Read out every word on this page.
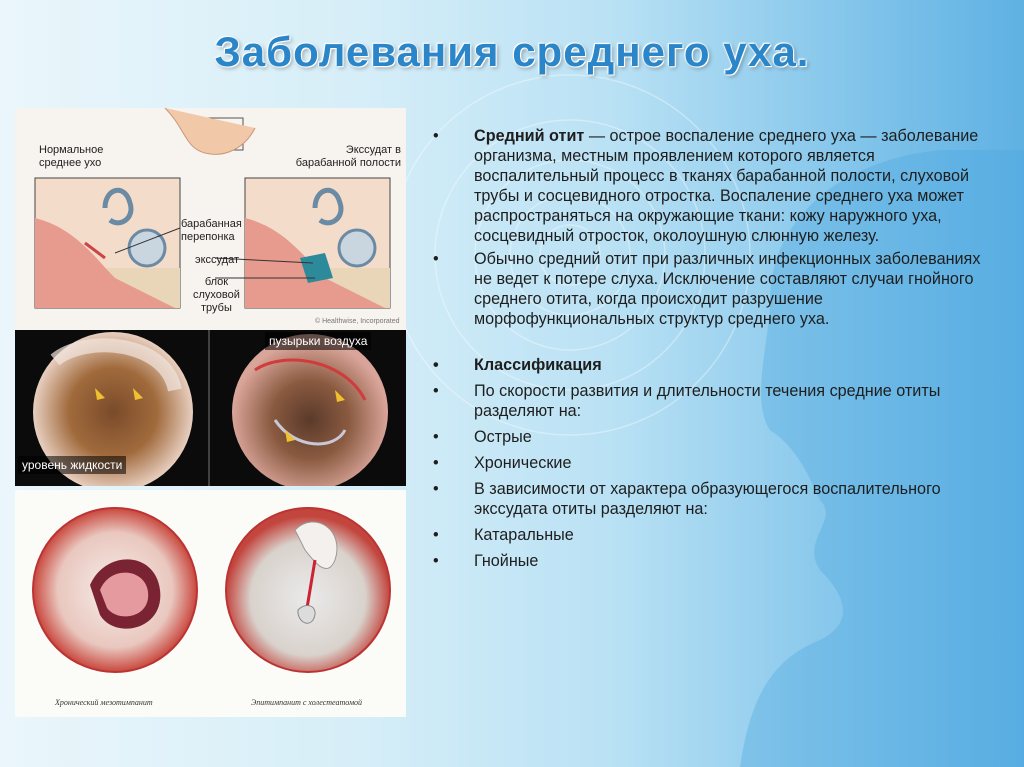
Заболевания среднего уха.
Нормальное
среднее ухо
Экссудат в
барабанной полости
барабанная
перепонка
экссудат
блок
слуховой
трубы
© Healthwise, Incorporated
пузырьки воздуха
уровень жидкости
Хронический мезотимпанит	Эпитимпанит с холестеатомой
• Средний отит — острое воспаление среднего уха — заболевание организма, местным проявлением которого является воспалительный процесс в тканях барабанной полости, слуховой трубы и сосцевидного отростка. Воспаление среднего уха может распространяться на окружающие ткани: кожу наружного уха, сосцевидный отросток, околоушную слюнную железу.
• Обычно средний отит при различных инфекционных заболеваниях не ведет к потере слуха. Исключение составляют случаи гнойного среднего отита, когда происходит разрушение морфофункциональных структур среднего уха.
• Классификация
• По скорости развития и длительности течения средние отиты разделяют на:
• Острые
• Хронические
• В зависимости от характера образующегося воспалительного экссудата отиты разделяют на:
• Катаральные
• Гнойные
